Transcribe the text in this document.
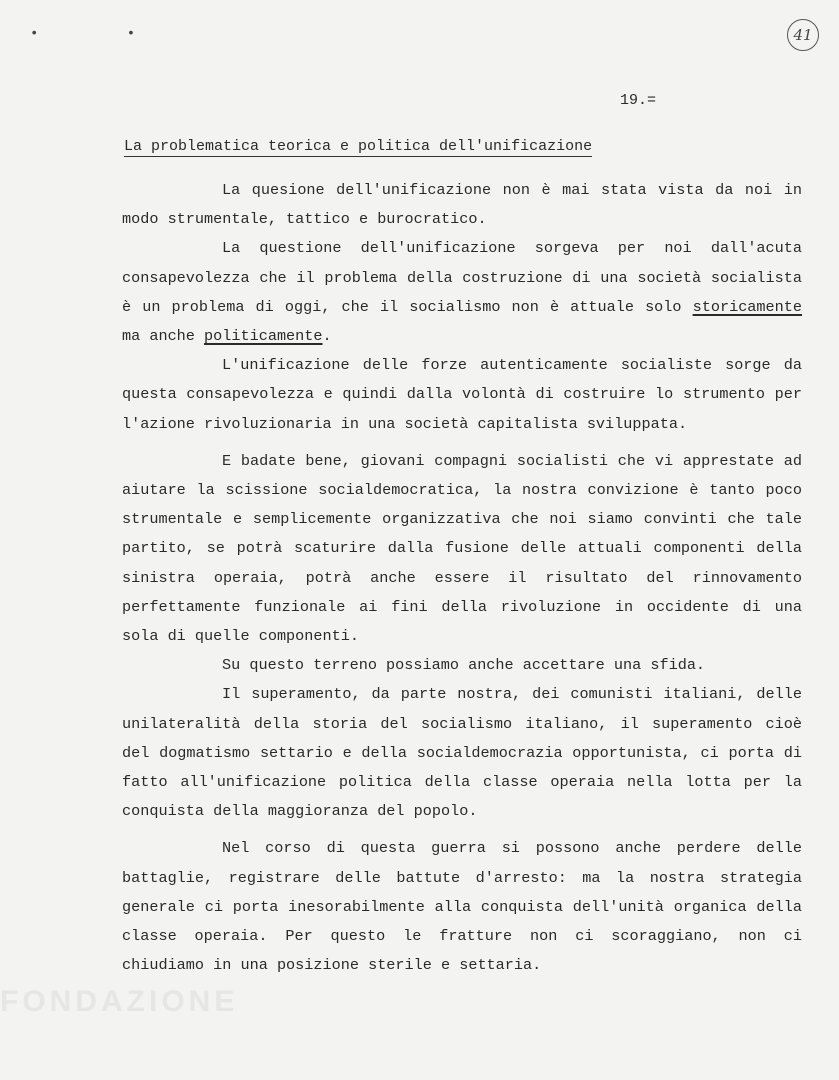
• •	41
19.=
La problematica teorica e politica dell'unificazione

La quesione dell'unificazione non è mai stata vista da noi in modo strumentale, tattico e burocratico.

La questione dell'unificazione sorgeva per noi dall'acuta consapevolezza che il problema della costruzione di una società socialista è un problema di oggi, che il socialismo non è attuale solo storicamente ma anche politicamente.

L'unificazione delle forze autenticamente socialiste sorge da questa consapevolezza e quindi dalla volontà di costruire lo strumento per l'azione rivoluzionaria in una società capitalista sviluppata.

E badate bene, giovani compagni socialisti che vi apprestate ad aiutare la scissione socialdemocratica, la nostra convizione è tanto poco strumentale e semplicemente organizzativa che noi siamo convinti che tale partito, se potrà scaturire dalla fusione delle attuali componenti della sinistra operaia, potrà anche essere il risultato del rinnovamento perfettamente funzionale ai fini della rivoluzione in occidente di una sola di quelle componenti.

Su questo terreno possiamo anche accettare una sfida.

Il superamento, da parte nostra, dei comunisti italiani, delle unilateralità della storia del socialismo italiano, il superamento cioè del dogmatismo settario e della socialdemocrazia opportunista, ci porta di fatto all'unificazione politica della classe operaia nella lotta per la conquista della maggioranza del popolo.

Nel corso di questa guerra si possono anche perdere delle battaglie, registrare delle battute d'arresto: ma la nostra strategia generale ci porta inesorabilmente alla conquista dell'unità organica della classe operaia. Per questo le fratture non ci scoraggiano, non ci chiudiamo in una posizione sterile e settaria.

FONDAZIONE
